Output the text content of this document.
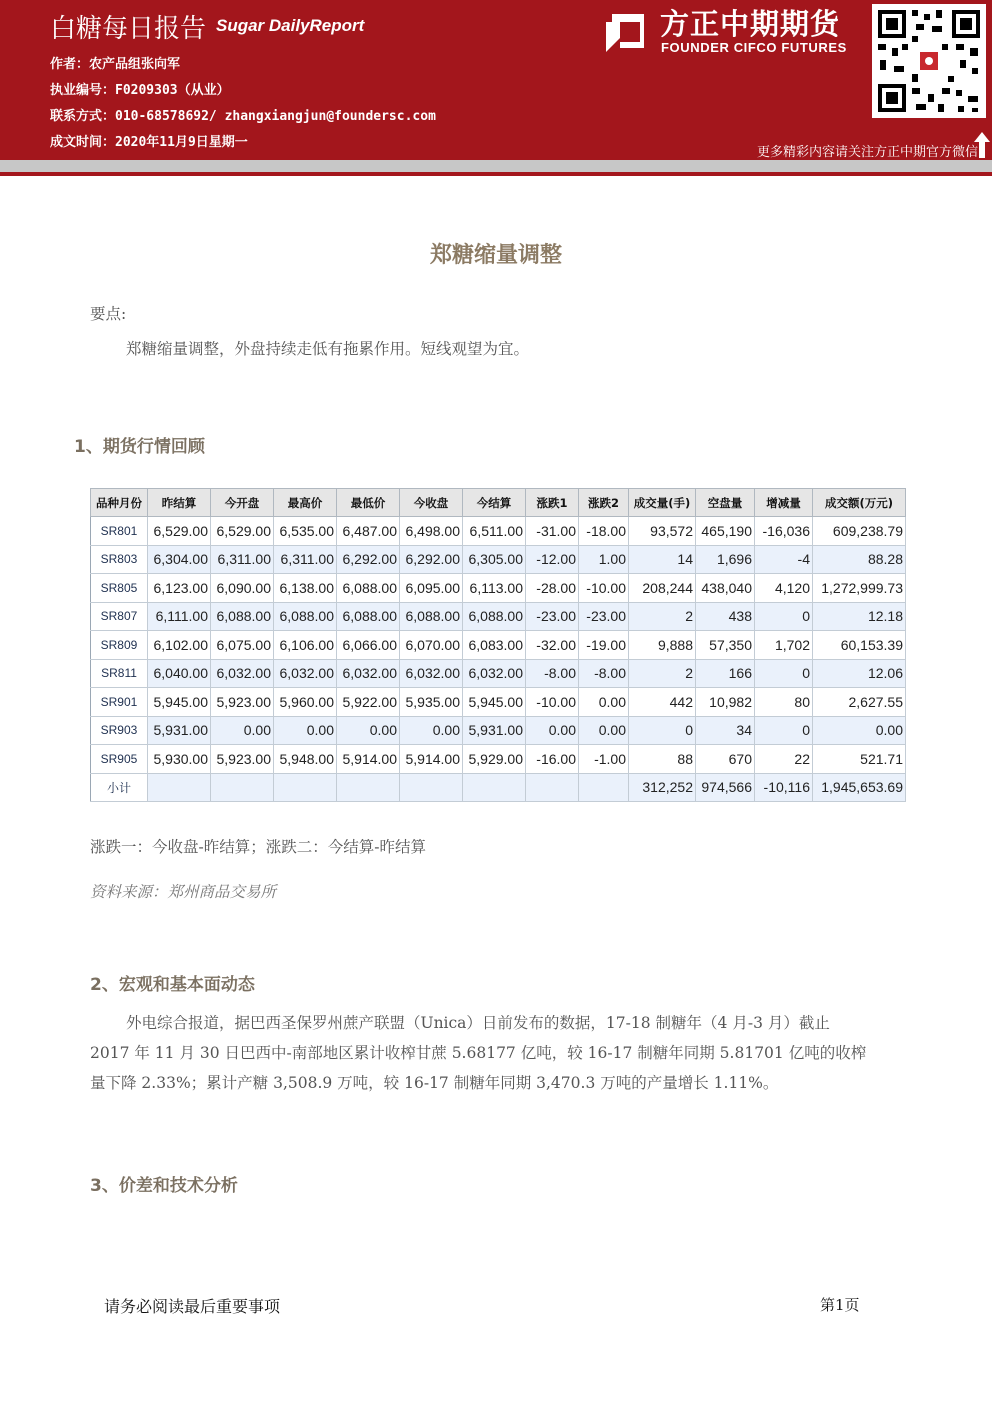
白糖每日报告 Sugar DailyReport
作者：农产品组张向军
执业编号：F0209303（从业）
联系方式：010-68578692/ zhangxiangjun@foundersc.com
成文时间：2020年11月9日星期一
方正中期期货
FOUNDER CIFCO FUTURES
更多精彩内容请关注方正中期官方微信
郑糖缩量调整
要点:
郑糖缩量调整，外盘持续走低有拖累作用。短线观望为宜。
1、期货行情回顾
品种月份	昨结算	今开盘	最高价	最低价	今收盘	今结算	涨跌1	涨跌2	成交量(手)	空盘量	增减量	成交额(万元)
SR801	6,529.00	6,529.00	6,535.00	6,487.00	6,498.00	6,511.00	-31.00	-18.00	93,572	465,190	-16,036	609,238.79
SR803	6,304.00	6,311.00	6,311.00	6,292.00	6,292.00	6,305.00	-12.00	1.00	14	1,696	-4	88.28
SR805	6,123.00	6,090.00	6,138.00	6,088.00	6,095.00	6,113.00	-28.00	-10.00	208,244	438,040	4,120	1,272,999.73
SR807	6,111.00	6,088.00	6,088.00	6,088.00	6,088.00	6,088.00	-23.00	-23.00	2	438	0	12.18
SR809	6,102.00	6,075.00	6,106.00	6,066.00	6,070.00	6,083.00	-32.00	-19.00	9,888	57,350	1,702	60,153.39
SR811	6,040.00	6,032.00	6,032.00	6,032.00	6,032.00	6,032.00	-8.00	-8.00	2	166	0	12.06
SR901	5,945.00	5,923.00	5,960.00	5,922.00	5,935.00	5,945.00	-10.00	0.00	442	10,982	80	2,627.55
SR903	5,931.00	0.00	0.00	0.00	0.00	5,931.00	0.00	0.00	0	34	0	0.00
SR905	5,930.00	5,923.00	5,948.00	5,914.00	5,914.00	5,929.00	-16.00	-1.00	88	670	22	521.71
小计									312,252	974,566	-10,116	1,945,653.69
涨跌一：今收盘-昨结算；涨跌二：今结算-昨结算
资料来源：郑州商品交易所
2、宏观和基本面动态
外电综合报道，据巴西圣保罗州蔗产联盟（Unica）日前发布的数据，17-18 制糖年（4 月-3 月）截止
2017 年 11 月 30 日巴西中-南部地区累计收榨甘蔗 5.68177 亿吨，较 16-17 制糖年同期 5.81701 亿吨的收榨
量下降 2.33%；累计产糖 3,508.9 万吨，较 16-17 制糖年同期 3,470.3 万吨的产量增长 1.11%。
3、价差和技术分析
请务必阅读最后重要事项	第1页
